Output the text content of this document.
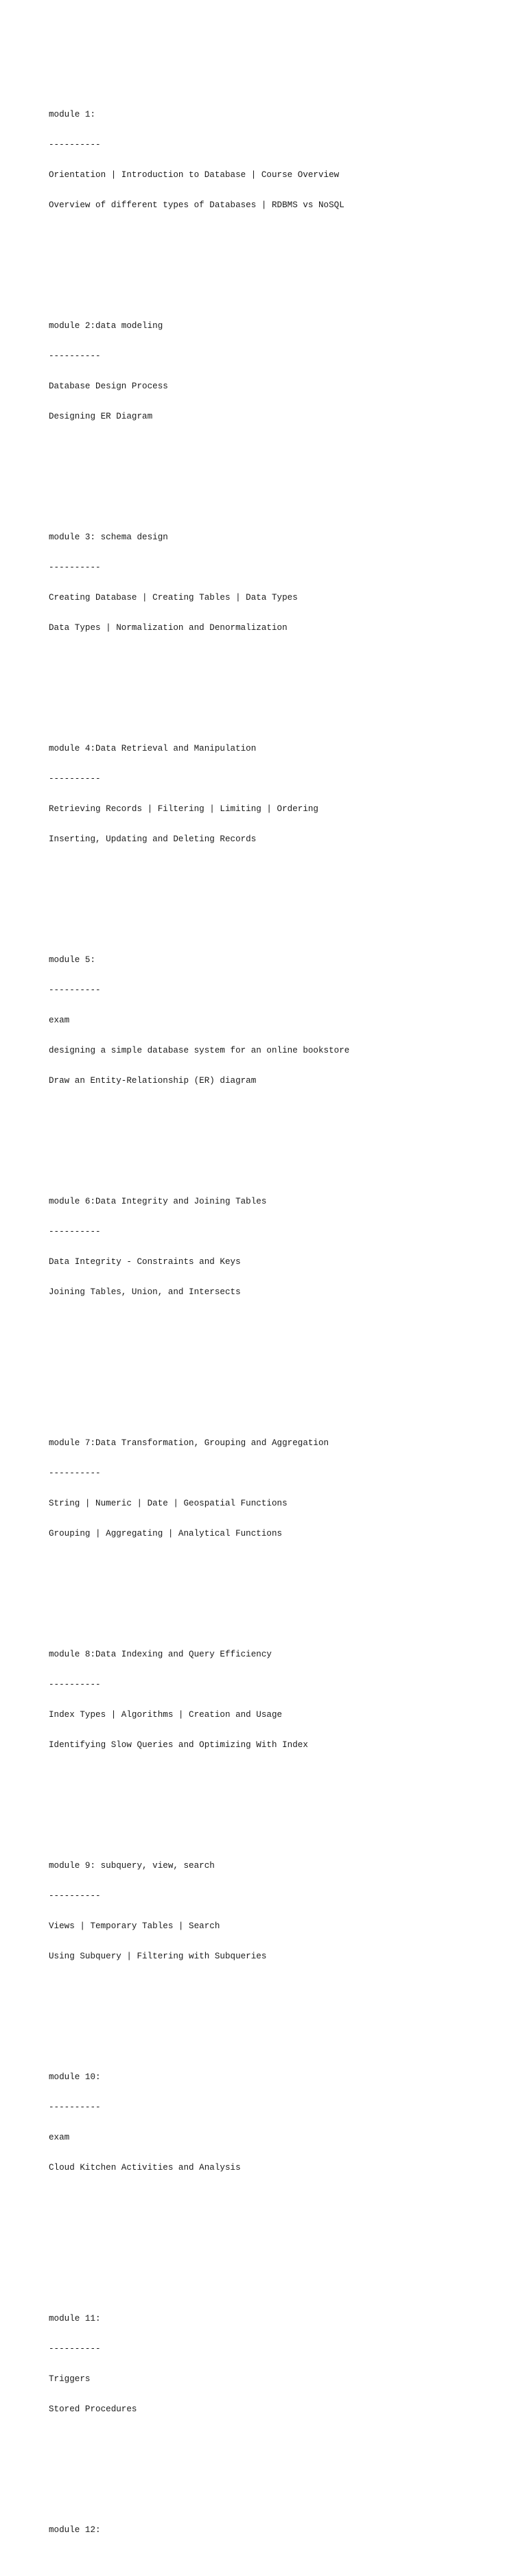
module 1:

----------

Orientation | Introduction to Database | Course Overview

Overview of different types of Databases | RDBMS vs NoSQL

module 2:data modeling

----------

Database Design Process

Designing ER Diagram

module 3: schema design

----------

Creating Database | Creating Tables | Data Types

Data Types | Normalization and Denormalization

module 4:Data Retrieval and Manipulation

----------

Retrieving Records | Filtering | Limiting | Ordering

Inserting, Updating and Deleting Records

module 5:

----------

exam

designing a simple database system for an online bookstore

Draw an Entity-Relationship (ER) diagram

module 6:Data Integrity and Joining Tables

----------

Data Integrity - Constraints and Keys

Joining Tables, Union, and Intersects

module 7:Data Transformation, Grouping and Aggregation

----------

String | Numeric | Date | Geospatial Functions

Grouping | Aggregating | Analytical Functions

module 8:Data Indexing and Query Efficiency

----------

Index Types | Algorithms | Creation and Usage

Identifying Slow Queries and Optimizing With Index

module 9: subquery, view, search

----------

Views | Temporary Tables | Search

Using Subquery | Filtering with Subqueries

module 10:

----------

exam

Cloud Kitchen Activities and Analysis

module 11:

----------

Triggers

Stored Procedures

module 12:
